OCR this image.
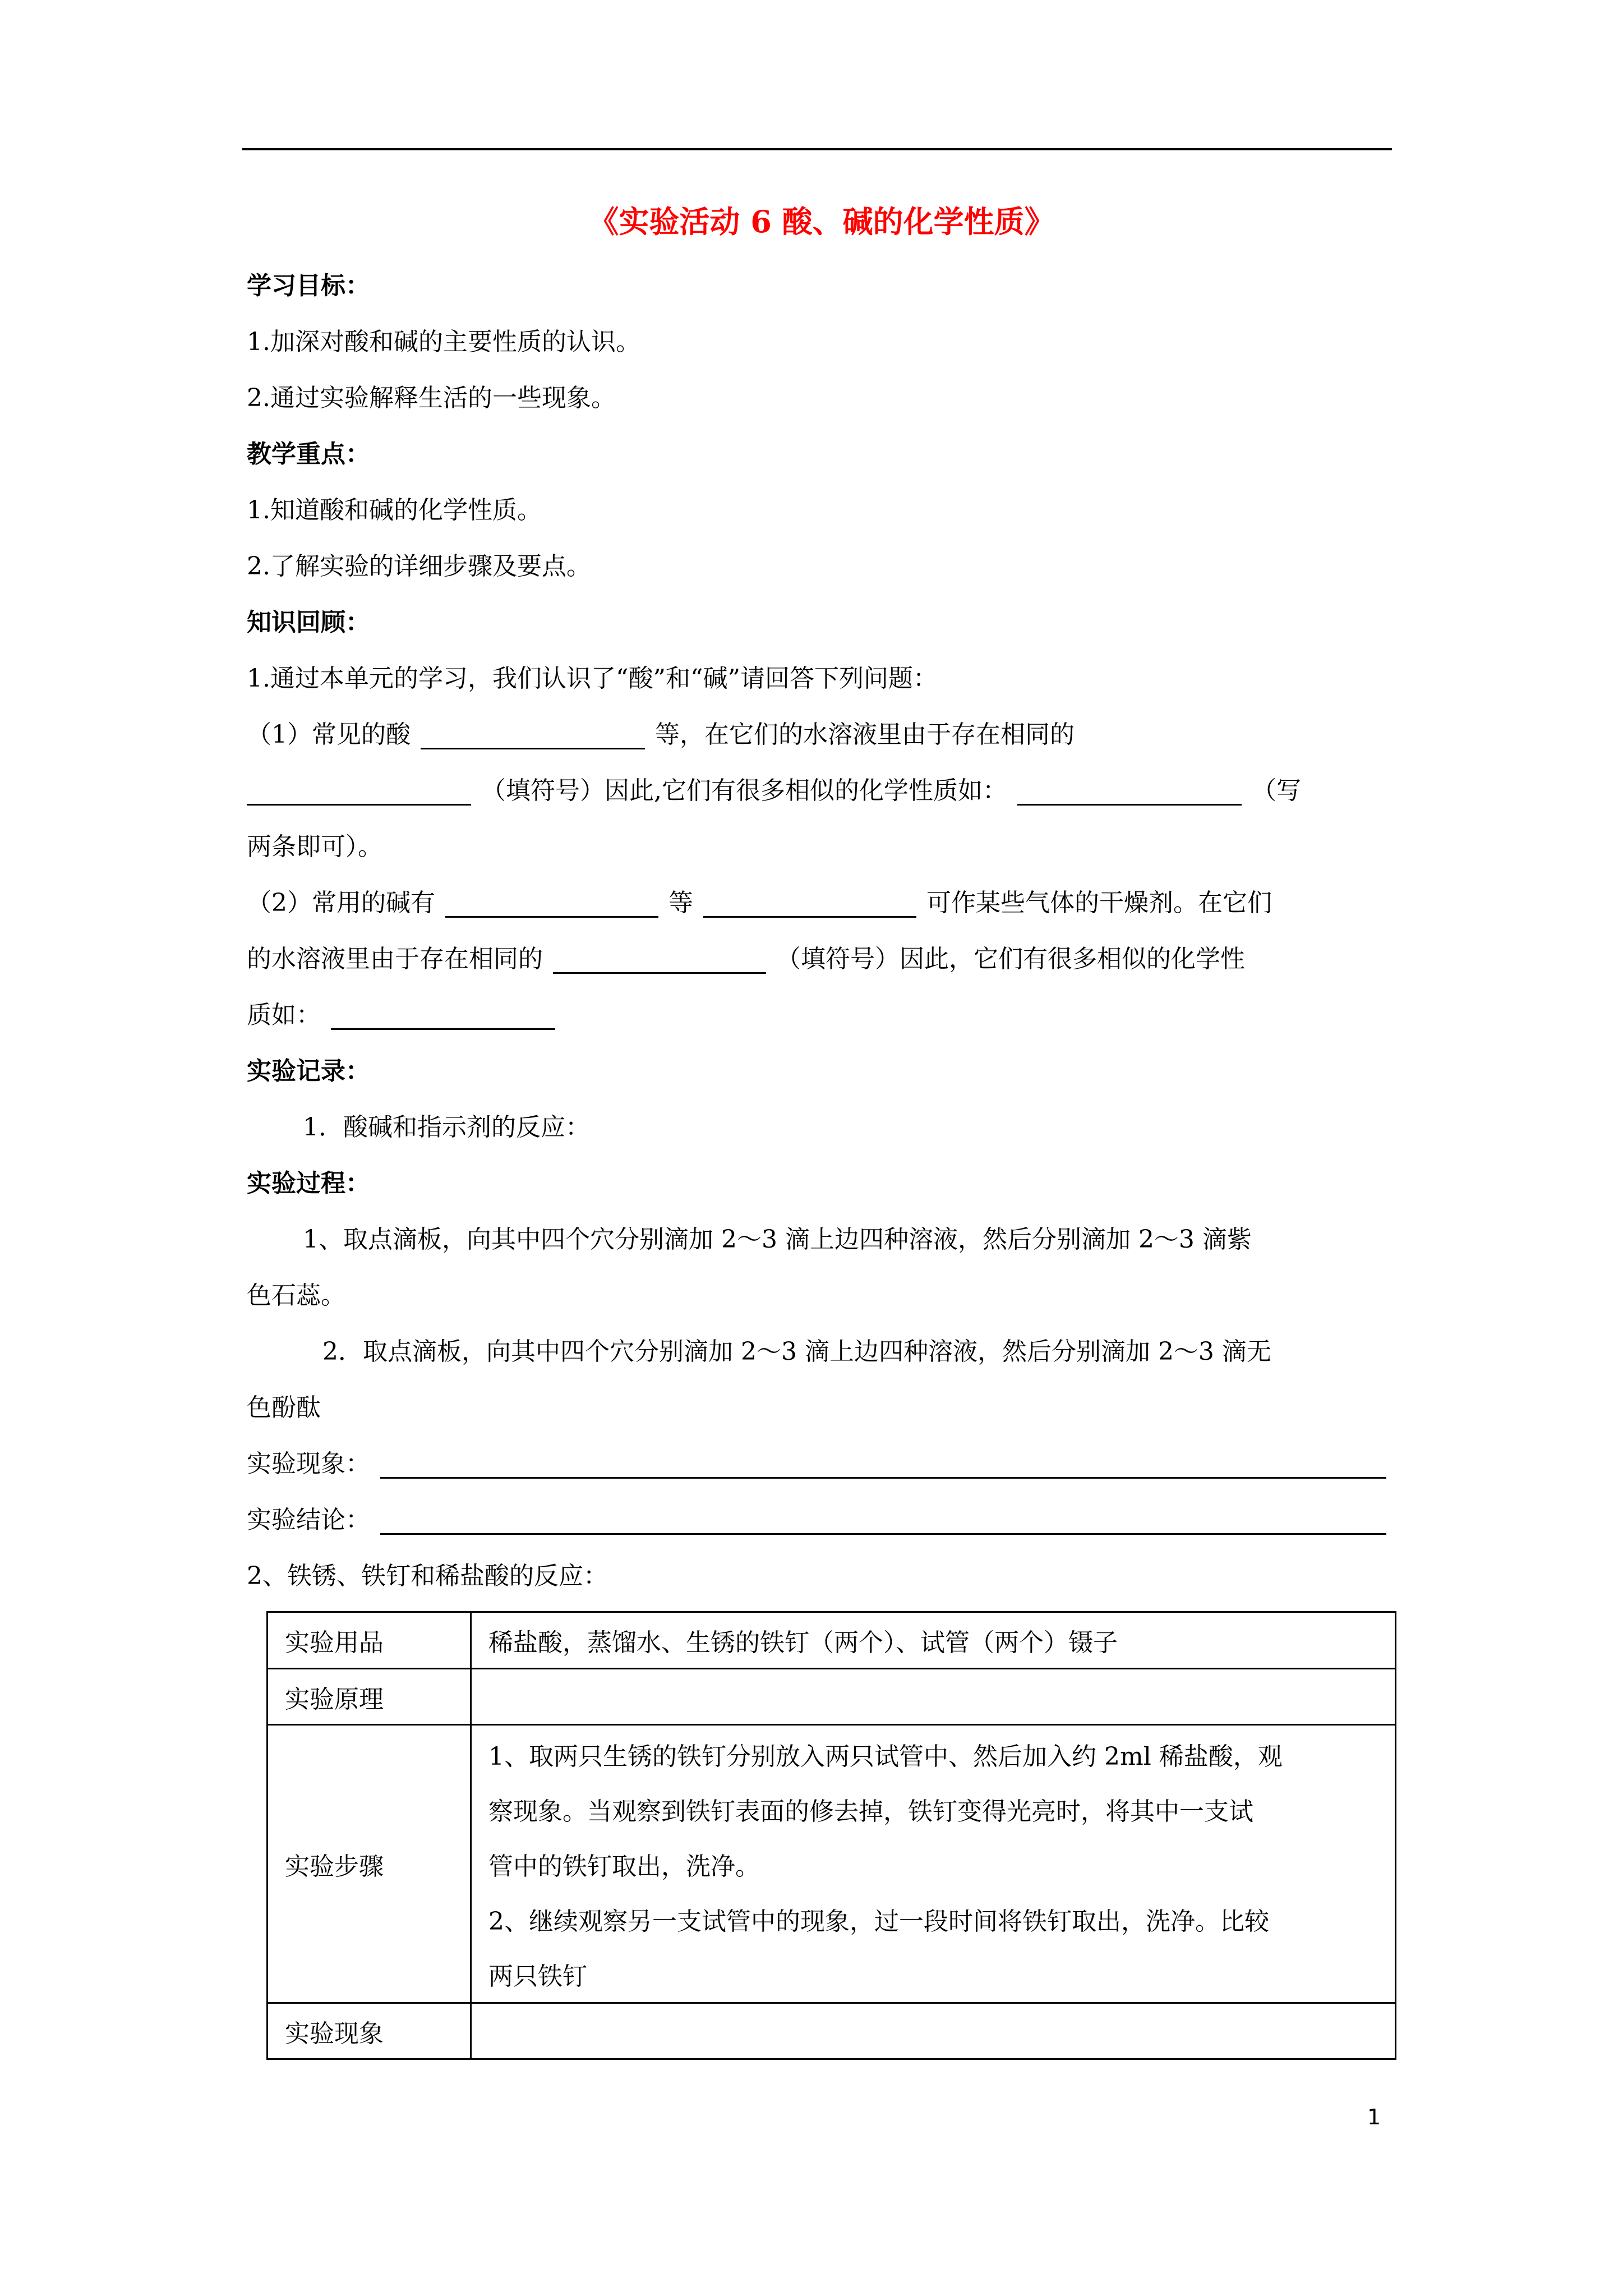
《实验活动 6 酸、碱的化学性质》
学习目标：
1.加深对酸和碱的主要性质的认识。
2.通过实验解释生活的一些现象。
教学重点：
1.知道酸和碱的化学性质。
2.了解实验的详细步骤及要点。
知识回顾：
1.通过本单元的学习，我们认识了“酸”和“碱”请回答下列问题：
（1）常见的酸	等，在它们的水溶液里由于存在相同的
（填符号）因此,它们有很多相似的化学性质如：	（写
两条即可）。
（2）常用的碱有	等	可作某些气体的干燥剂。在它们
的水溶液里由于存在相同的	（填符号）因此，它们有很多相似的化学性
质如：
实验记录：
1．酸碱和指示剂的反应：
实验过程：
1、取点滴板，向其中四个穴分别滴加 2～3 滴上边四种溶液，然后分别滴加 2～3 滴紫
色石蕊。
2．取点滴板，向其中四个穴分别滴加 2～3 滴上边四种溶液，然后分别滴加 2～3 滴无
色酚酞
实验现象：
实验结论：
2、铁锈、铁钉和稀盐酸的反应：
实验用品	稀盐酸，蒸馏水、生锈的铁钉（两个）、试管（两个）镊子

实验原理	
实验步骤	1、取两只生锈的铁钉分别放入两只试管中、然后加入约 2ml 稀盐酸，观
察现象。当观察到铁钉表面的修去掉，铁钉变得光亮时，将其中一支试
管中的铁钉取出，洗净。
2、继续观察另一支试管中的现象，过一段时间将铁钉取出，洗净。比较
两只铁钉

实验现象	
1
